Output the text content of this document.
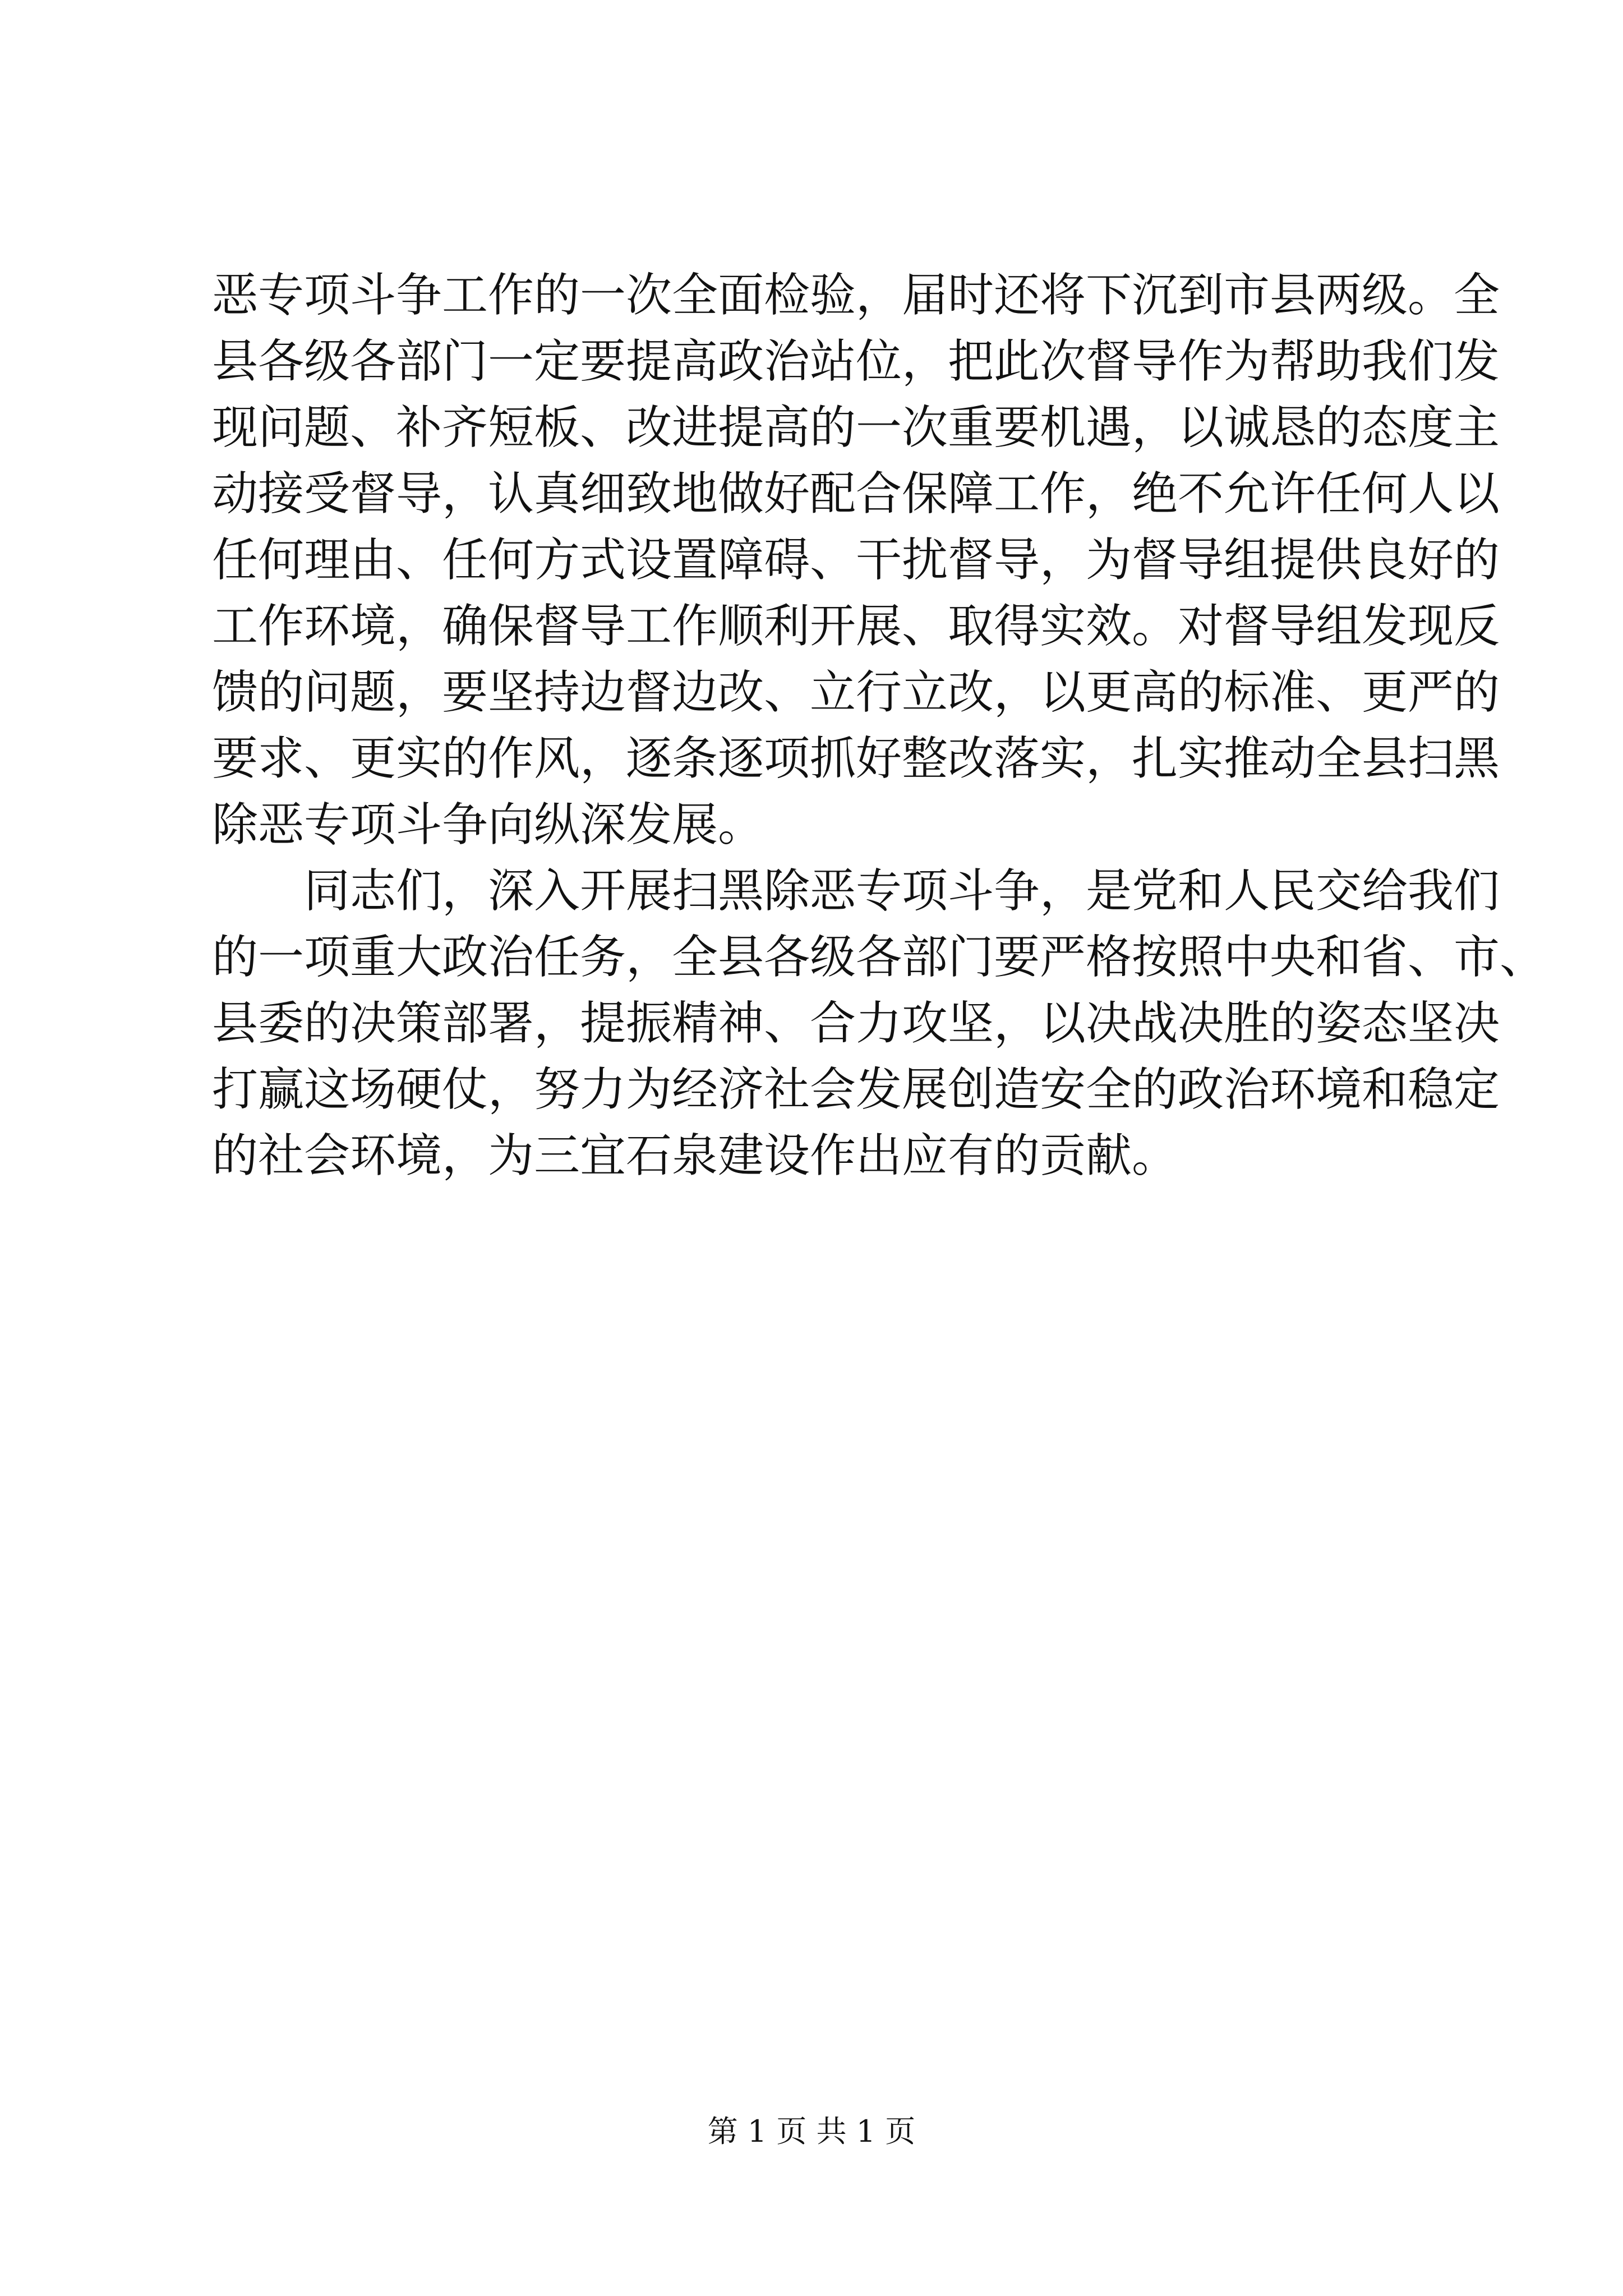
恶专项斗争工作的一次全面检验，届时还将下沉到市县两级。全

县各级各部门一定要提高政治站位，把此次督导作为帮助我们发

现问题、补齐短板、改进提高的一次重要机遇，以诚恳的态度主

动接受督导，认真细致地做好配合保障工作，绝不允许任何人以

任何理由、任何方式设置障碍、干扰督导，为督导组提供良好的

工作环境，确保督导工作顺利开展、取得实效。对督导组发现反

馈的问题，要坚持边督边改、立行立改，以更高的标准、更严的

要求、更实的作风，逐条逐项抓好整改落实，扎实推动全县扫黑

除恶专项斗争向纵深发展。

同志们，深入开展扫黑除恶专项斗争，是党和人民交给我们

的一项重大政治任务，全县各级各部门要严格按照中央和省、市、

县委的决策部署，提振精神、合力攻坚，以决战决胜的姿态坚决

打赢这场硬仗，努力为经济社会发展创造安全的政治环境和稳定

的社会环境，为三宜石泉建设作出应有的贡献。

第 1 页 共 1 页
